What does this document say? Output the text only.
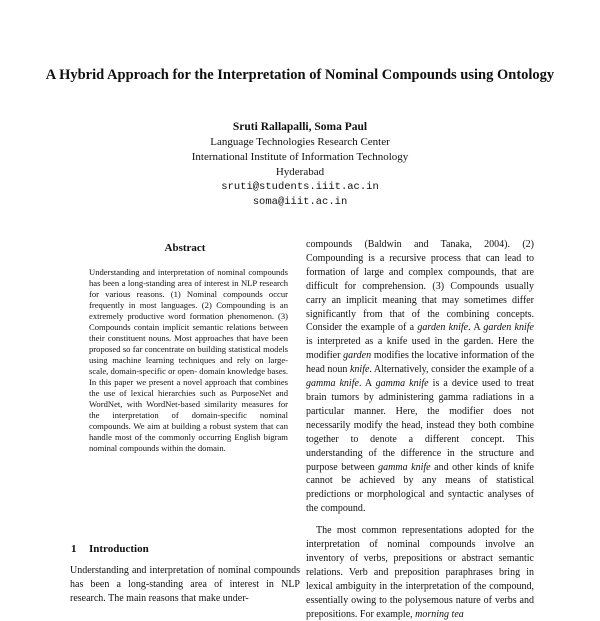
A Hybrid Approach for the Interpretation of Nominal Compounds using Ontology
Sruti Rallapalli, Soma Paul
Language Technologies Research Center
International Institute of Information Technology
Hyderabad
sruti@students.iiit.ac.in
soma@iiit.ac.in
Abstract

Understanding and interpretation of nominal compounds has been a long-standing area of interest in NLP research for various reasons. (1) Nominal compounds occur frequently in most languages. (2) Compounding is an extremely productive word formation phenomenon. (3) Compounds contain implicit semantic relations between their constituent nouns. Most approaches that have been proposed so far concentrate on building statistical models using machine learning techniques and rely on large-scale, domain-specific or open- domain knowledge bases. In this paper we present a novel approach that combines the use of lexical hierarchies such as PurposeNet and WordNet, with WordNet-based similarity measures for the interpretation of domain-specific nominal compounds. We aim at building a robust system that can handle most of the commonly occurring English bigram nominal compounds within the domain.

1 Introduction
Understanding and interpretation of nominal compounds has been a long-standing area of interest in NLP research. The main reasons that make under-

compounds (Baldwin and Tanaka, 2004). (2) Compounding is a recursive process that can lead to formation of large and complex compounds, that are difficult for comprehension. (3) Compounds usually carry an implicit meaning that may sometimes differ significantly from that of the combining concepts. Consider the example of a garden knife. A garden knife is interpreted as a knife used in the garden. Here the modifier garden modifies the locative information of the head noun knife. Alternatively, consider the example of a gamma knife. A gamma knife is a device used to treat brain tumors by administering gamma radiations in a particular manner. Here, the modifier does not necessarily modify the head, instead they both combine together to denote a different concept. This understanding of the difference in the structure and purpose between gamma knife and other kinds of knife cannot be achieved by any means of statistical predictions or morphological and syntactic analyses of the compound.

The most common representations adopted for the interpretation of nominal compounds involve an inventory of verbs, prepositions or abstract semantic relations. Verb and preposition paraphrases bring in lexical ambiguity in the interpretation of the compound, essentially owing to the polysemous nature of verbs and prepositions. For example, morning tea
